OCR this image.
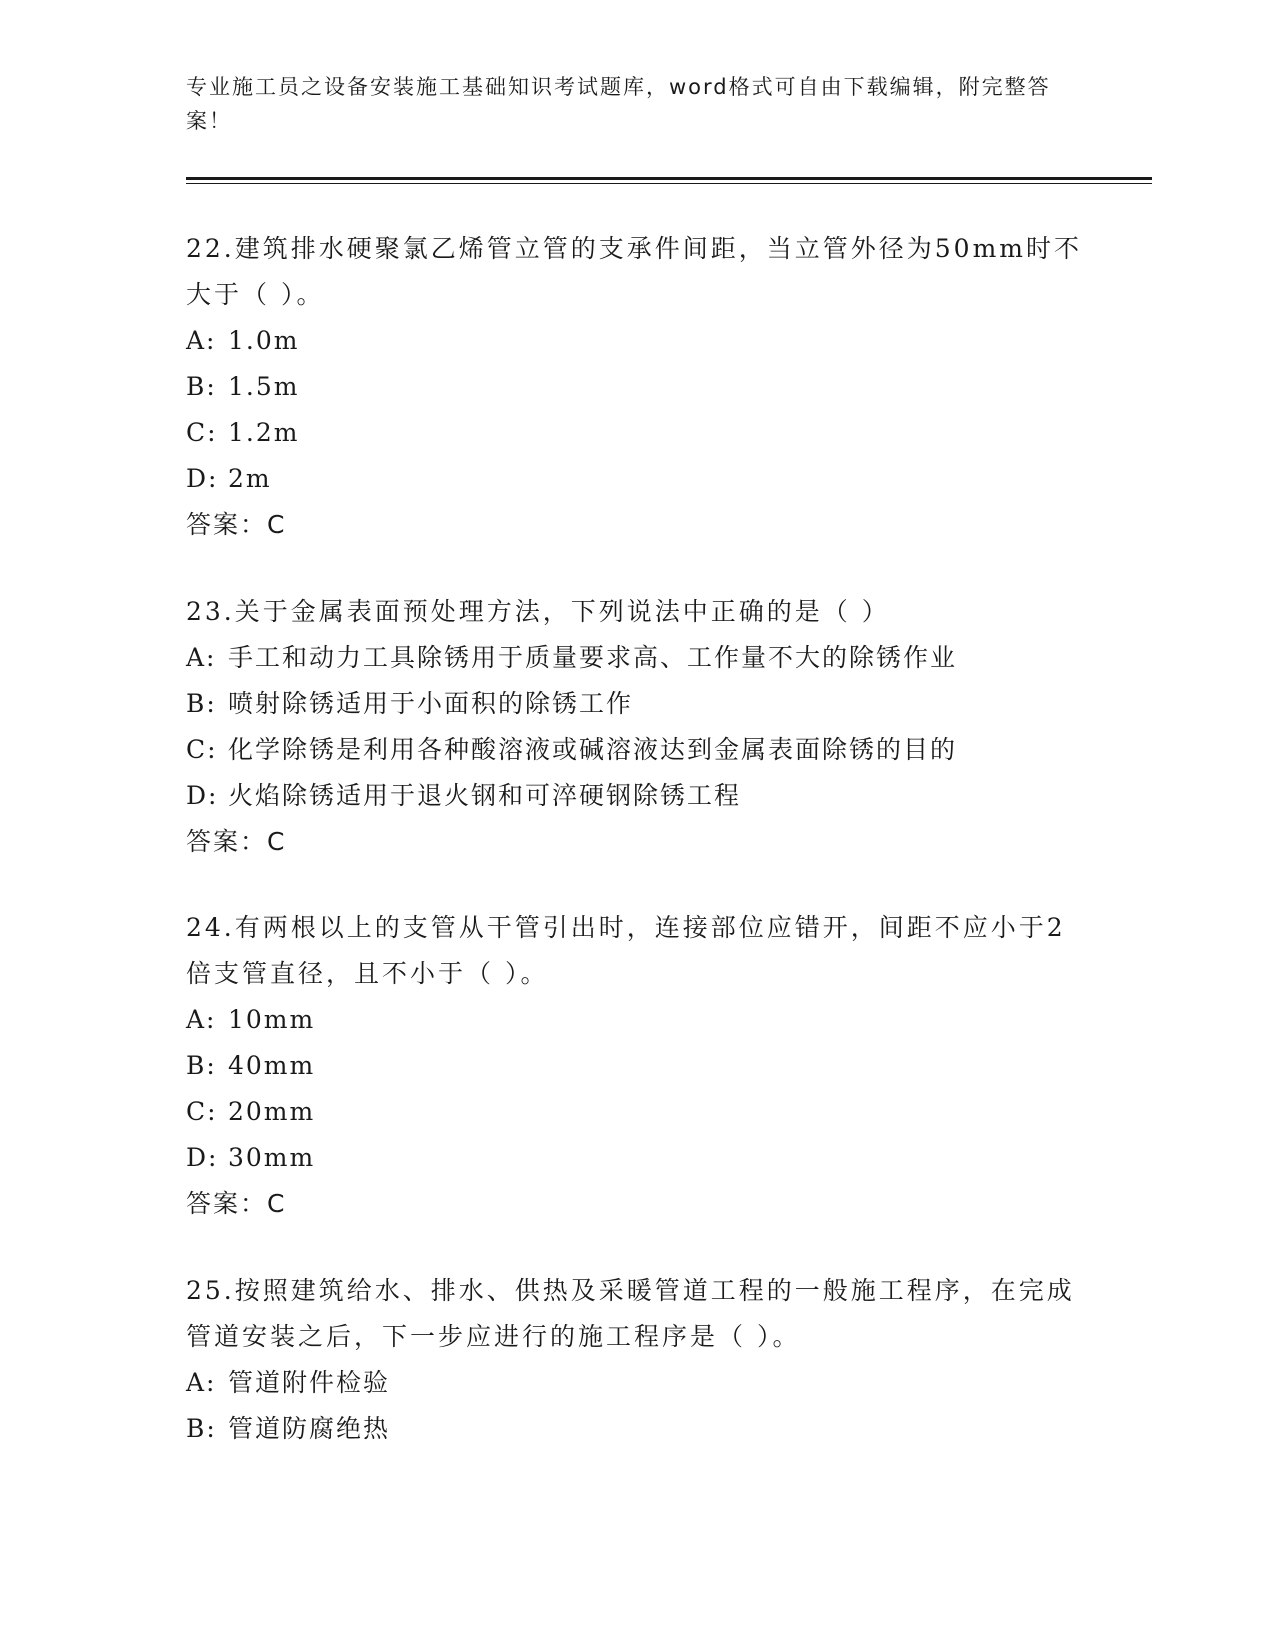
专业施工员之设备安装施工基础知识考试题库，word格式可自由下载编辑，附完整答案！

22.建筑排水硬聚氯乙烯管立管的支承件间距，当立管外径为50mm时不大于（ ）。

A: 1.0m
B: 1.5m
C: 1.2m
D: 2m
答案：C

23.关于金属表面预处理方法，下列说法中正确的是（ ）

A: 手工和动力工具除锈用于质量要求高、工作量不大的除锈作业
B: 喷射除锈适用于小面积的除锈工作
C: 化学除锈是利用各种酸溶液或碱溶液达到金属表面除锈的目的
D: 火焰除锈适用于退火钢和可淬硬钢除锈工程
答案：C

24.有两根以上的支管从干管引出时，连接部位应错开，间距不应小于2倍支管直径，且不小于（ ）。

A: 10mm
B: 40mm
C: 20mm
D: 30mm
答案：C

25.按照建筑给水、排水、供热及采暖管道工程的一般施工程序，在完成管道安装之后，下一步应进行的施工程序是（ ）。

A: 管道附件检验
B: 管道防腐绝热
